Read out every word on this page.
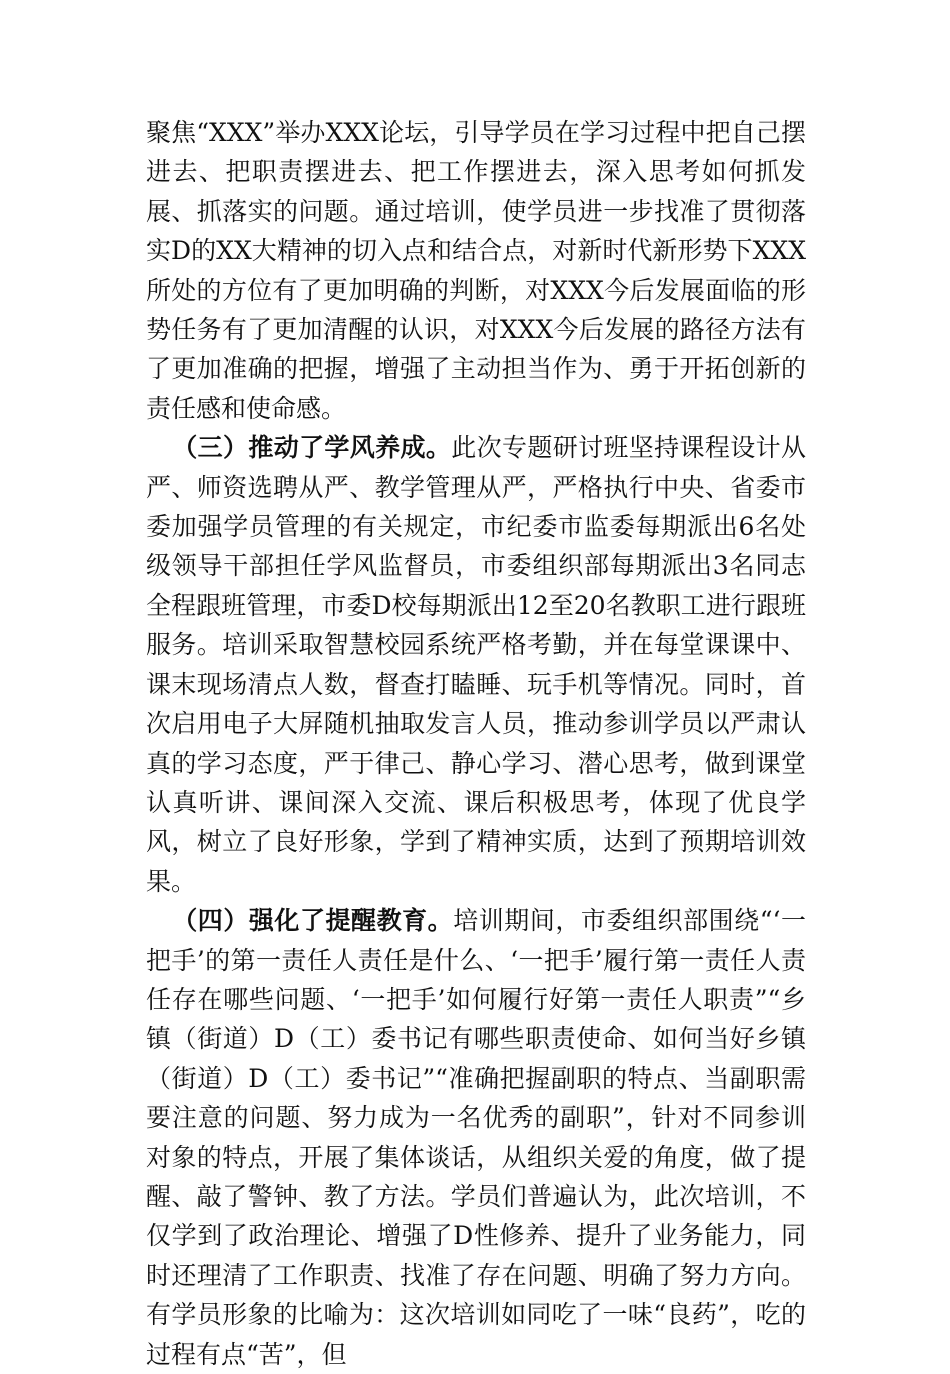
聚焦“XXX”举办XXX论坛，引导学员在学习过程中把自己摆进去、把职责摆进去、把工作摆进去，深入思考如何抓发展、抓落实的问题。通过培训，使学员进一步找准了贯彻落实D的XX大精神的切入点和结合点，对新时代新形势下XXX所处的方位有了更加明确的判断，对XXX今后发展面临的形势任务有了更加清醒的认识，对XXX今后发展的路径方法有了更加准确的把握，增强了主动担当作为、勇于开拓创新的责任感和使命感。

（三）推动了学风养成。此次专题研讨班坚持课程设计从严、师资选聘从严、教学管理从严，严格执行中央、省委市委加强学员管理的有关规定，市纪委市监委每期派出6名处级领导干部担任学风监督员，市委组织部每期派出3名同志全程跟班管理，市委D校每期派出12至20名教职工进行跟班服务。培训采取智慧校园系统严格考勤，并在每堂课课中、课末现场清点人数，督查打瞌睡、玩手机等情况。同时，首次启用电子大屏随机抽取发言人员，推动参训学员以严肃认真的学习态度，严于律己、静心学习、潜心思考，做到课堂认真听讲、课间深入交流、课后积极思考，体现了优良学风，树立了良好形象，学到了精神实质，达到了预期培训效果。

（四）强化了提醒教育。培训期间，市委组织部围绕“‘一把手’的第一责任人责任是什么、‘一把手’履行第一责任人责任存在哪些问题、‘一把手’如何履行好第一责任人职责”“乡镇（街道）D（工）委书记有哪些职责使命、如何当好乡镇（街道）D（工）委书记”“准确把握副职的特点、当副职需要注意的问题、努力成为一名优秀的副职”，针对不同参训对象的特点，开展了集体谈话，从组织关爱的角度，做了提醒、敲了警钟、教了方法。学员们普遍认为，此次培训，不仅学到了政治理论、增强了D性修养、提升了业务能力，同时还理清了工作职责、找准了存在问题、明确了努力方向。有学员形象的比喻为：这次培训如同吃了一味“良药”，吃的过程有点“苦”，但
